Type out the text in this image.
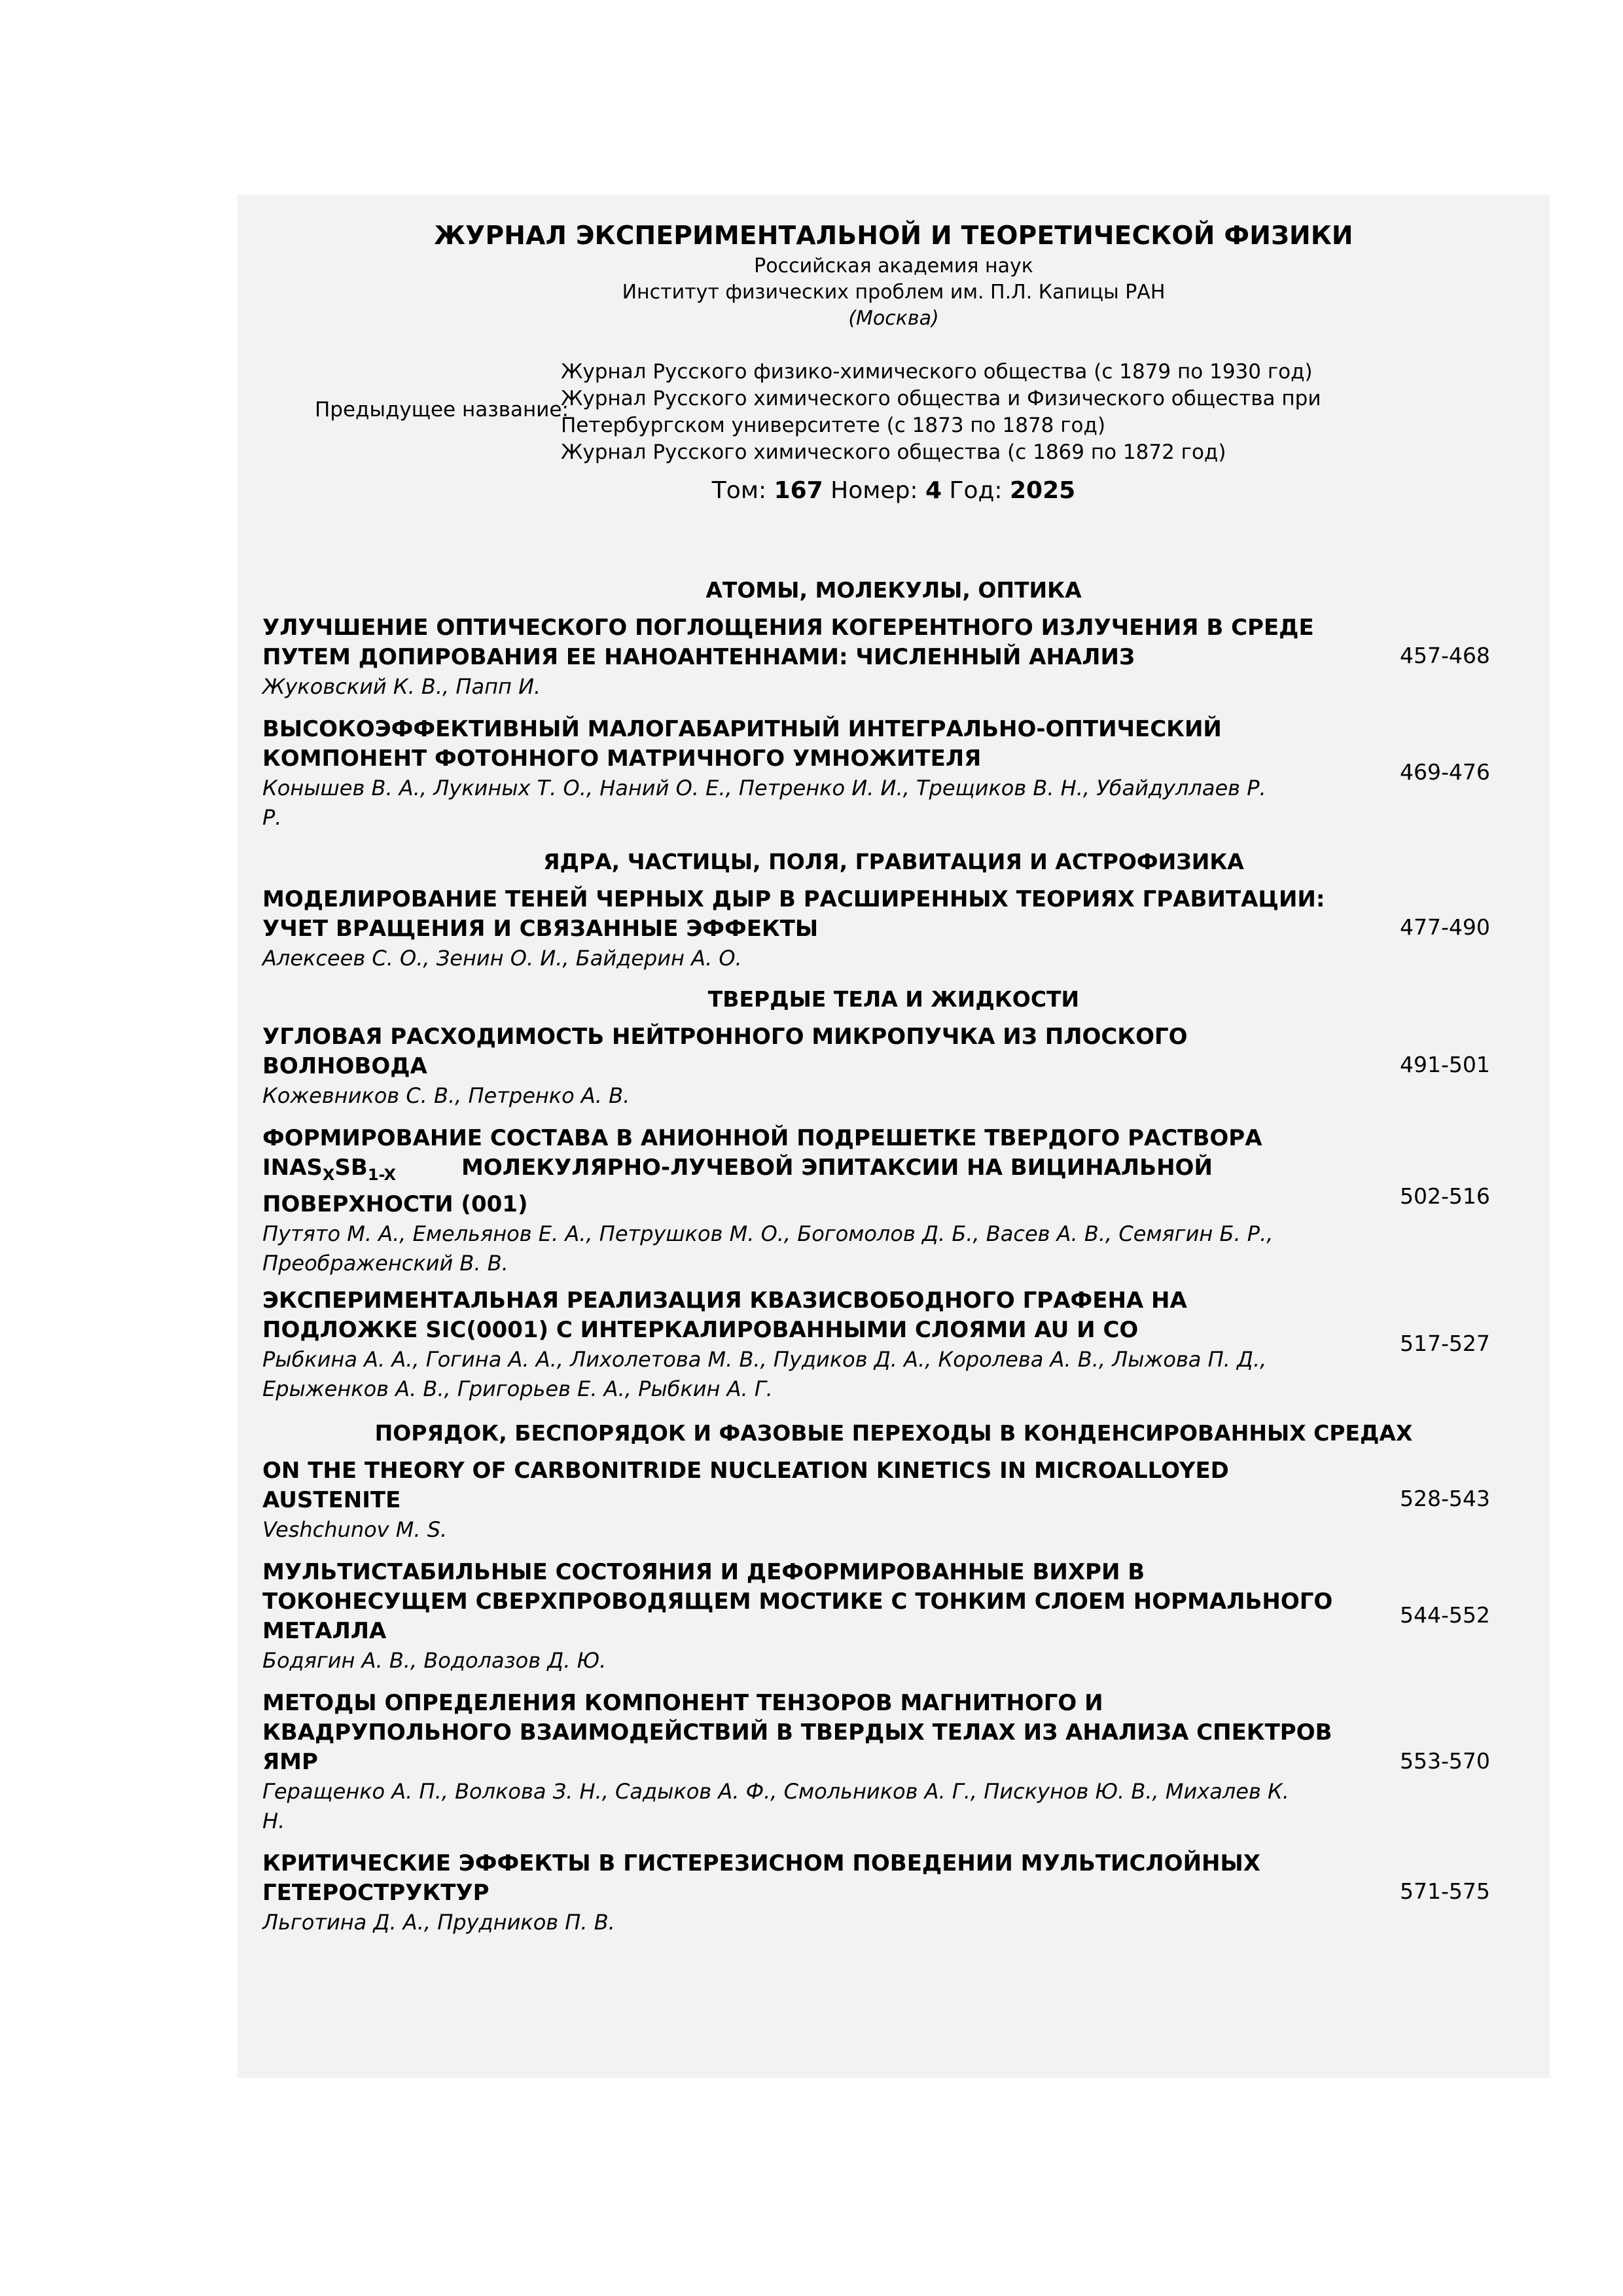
ЖУРНАЛ ЭКСПЕРИМЕНТАЛЬНОЙ И ТЕОРЕТИЧЕСКОЙ ФИЗИКИ
Российская академия наук
Институт физических проблем им. П.Л. Капицы РАН
(Москва)
Предыдущее название:
Журнал Русского физико-химического общества (с 1879 по 1930 год)
Журнал Русского химического общества и Физического общества при
Петербургском университете (с 1873 по 1878 год)
Журнал Русского химического общества (с 1869 по 1872 год)
Том: 167 Номер: 4 Год: 2025
АТОМЫ, МОЛЕКУЛЫ, ОПТИКА
УЛУЧШЕНИЕ ОПТИЧЕСКОГО ПОГЛОЩЕНИЯ КОГЕРЕНТНОГО ИЗЛУЧЕНИЯ В СРЕДЕ
ПУТЕМ ДОПИРОВАНИЯ ЕЕ НАНОАНТЕННАМИ: ЧИСЛЕННЫЙ АНАЛИЗ
Жуковский К. В., Папп И.
457-468
ВЫСОКОЭФФЕКТИВНЫЙ МАЛОГАБАРИТНЫЙ ИНТЕГРАЛЬНО-ОПТИЧЕСКИЙ
КОМПОНЕНТ ФОТОННОГО МАТРИЧНОГО УМНОЖИТЕЛЯ
Конышев В. А., Лукиных Т. О., Наний О. Е., Петренко И. И., Трещиков В. Н., Убайдуллаев Р.
Р.
469-476
ЯДРА, ЧАСТИЦЫ, ПОЛЯ, ГРАВИТАЦИЯ И АСТРОФИЗИКА
МОДЕЛИРОВАНИЕ ТЕНЕЙ ЧЕРНЫХ ДЫР В РАСШИРЕННЫХ ТЕОРИЯХ ГРАВИТАЦИИ:
УЧЕТ ВРАЩЕНИЯ И СВЯЗАННЫЕ ЭФФЕКТЫ
Алексеев С. О., Зенин О. И., Байдерин А. О.
477-490
ТВЕРДЫЕ ТЕЛА И ЖИДКОСТИ
УГЛОВАЯ РАСХОДИМОСТЬ НЕЙТРОННОГО МИКРОПУЧКА ИЗ ПЛОСКОГО
ВОЛНОВОДА
Кожевников С. В., Петренко А. В.
491-501
ФОРМИРОВАНИЕ СОСТАВА В АНИОННОЙ ПОДРЕШЕТКЕ ТВЕРДОГО РАСТВОРА
$INAS_XSB_{1-X}$	МОЛЕКУЛЯРНО-ЛУЧЕВОЙ ЭПИТАКСИИ НА ВИЦИНАЛЬНОЙ
ПОВЕРХНОСТИ (001)
Путято М. А., Емельянов Е. А., Петрушков М. О., Богомолов Д. Б., Васев А. В., Семягин Б. Р.,
Преображенский В. В.
502-516
ЭКСПЕРИМЕНТАЛЬНАЯ РЕАЛИЗАЦИЯ КВАЗИСВОБОДНОГО ГРАФЕНА НА
ПОДЛОЖКЕ SIC(0001) С ИНТЕРКАЛИРОВАННЫМИ СЛОЯМИ AU И CO
Рыбкина А. А., Гогина А. А., Лихолетова М. В., Пудиков Д. А., Королева А. В., Лыжова П. Д.,
Ерыженков А. В., Григорьев Е. А., Рыбкин А. Г.
517-527
ПОРЯДОК, БЕСПОРЯДОК И ФАЗОВЫЕ ПЕРЕХОДЫ В КОНДЕНСИРОВАННЫХ СРЕДАХ
ON THE THEORY OF CARBONITRIDE NUCLEATION KINETICS IN MICROALLOYED
AUSTENITE
Veshchunov M. S.
528-543
МУЛЬТИСТАБИЛЬНЫЕ СОСТОЯНИЯ И ДЕФОРМИРОВАННЫЕ ВИХРИ В
ТОКОНЕСУЩЕМ СВЕРХПРОВОДЯЩЕМ МОСТИКЕ С ТОНКИМ СЛОЕМ НОРМАЛЬНОГО
МЕТАЛЛА
Бодягин А. В., Водолазов Д. Ю.
544-552
МЕТОДЫ ОПРЕДЕЛЕНИЯ КОМПОНЕНТ ТЕНЗОРОВ МАГНИТНОГО И
КВАДРУПОЛЬНОГО ВЗАИМОДЕЙСТВИЙ В ТВЕРДЫХ ТЕЛАХ ИЗ АНАЛИЗА СПЕКТРОВ
ЯМР
Геращенко А. П., Волкова З. Н., Садыков А. Ф., Смольников А. Г., Пискунов Ю. В., Михалев К.
Н.
553-570
КРИТИЧЕСКИЕ ЭФФЕКТЫ В ГИСТЕРЕЗИСНОМ ПОВЕДЕНИИ МУЛЬТИСЛОЙНЫХ
ГЕТЕРОСТРУКТУР
Льготина Д. А., Прудников П. В.
571-575
